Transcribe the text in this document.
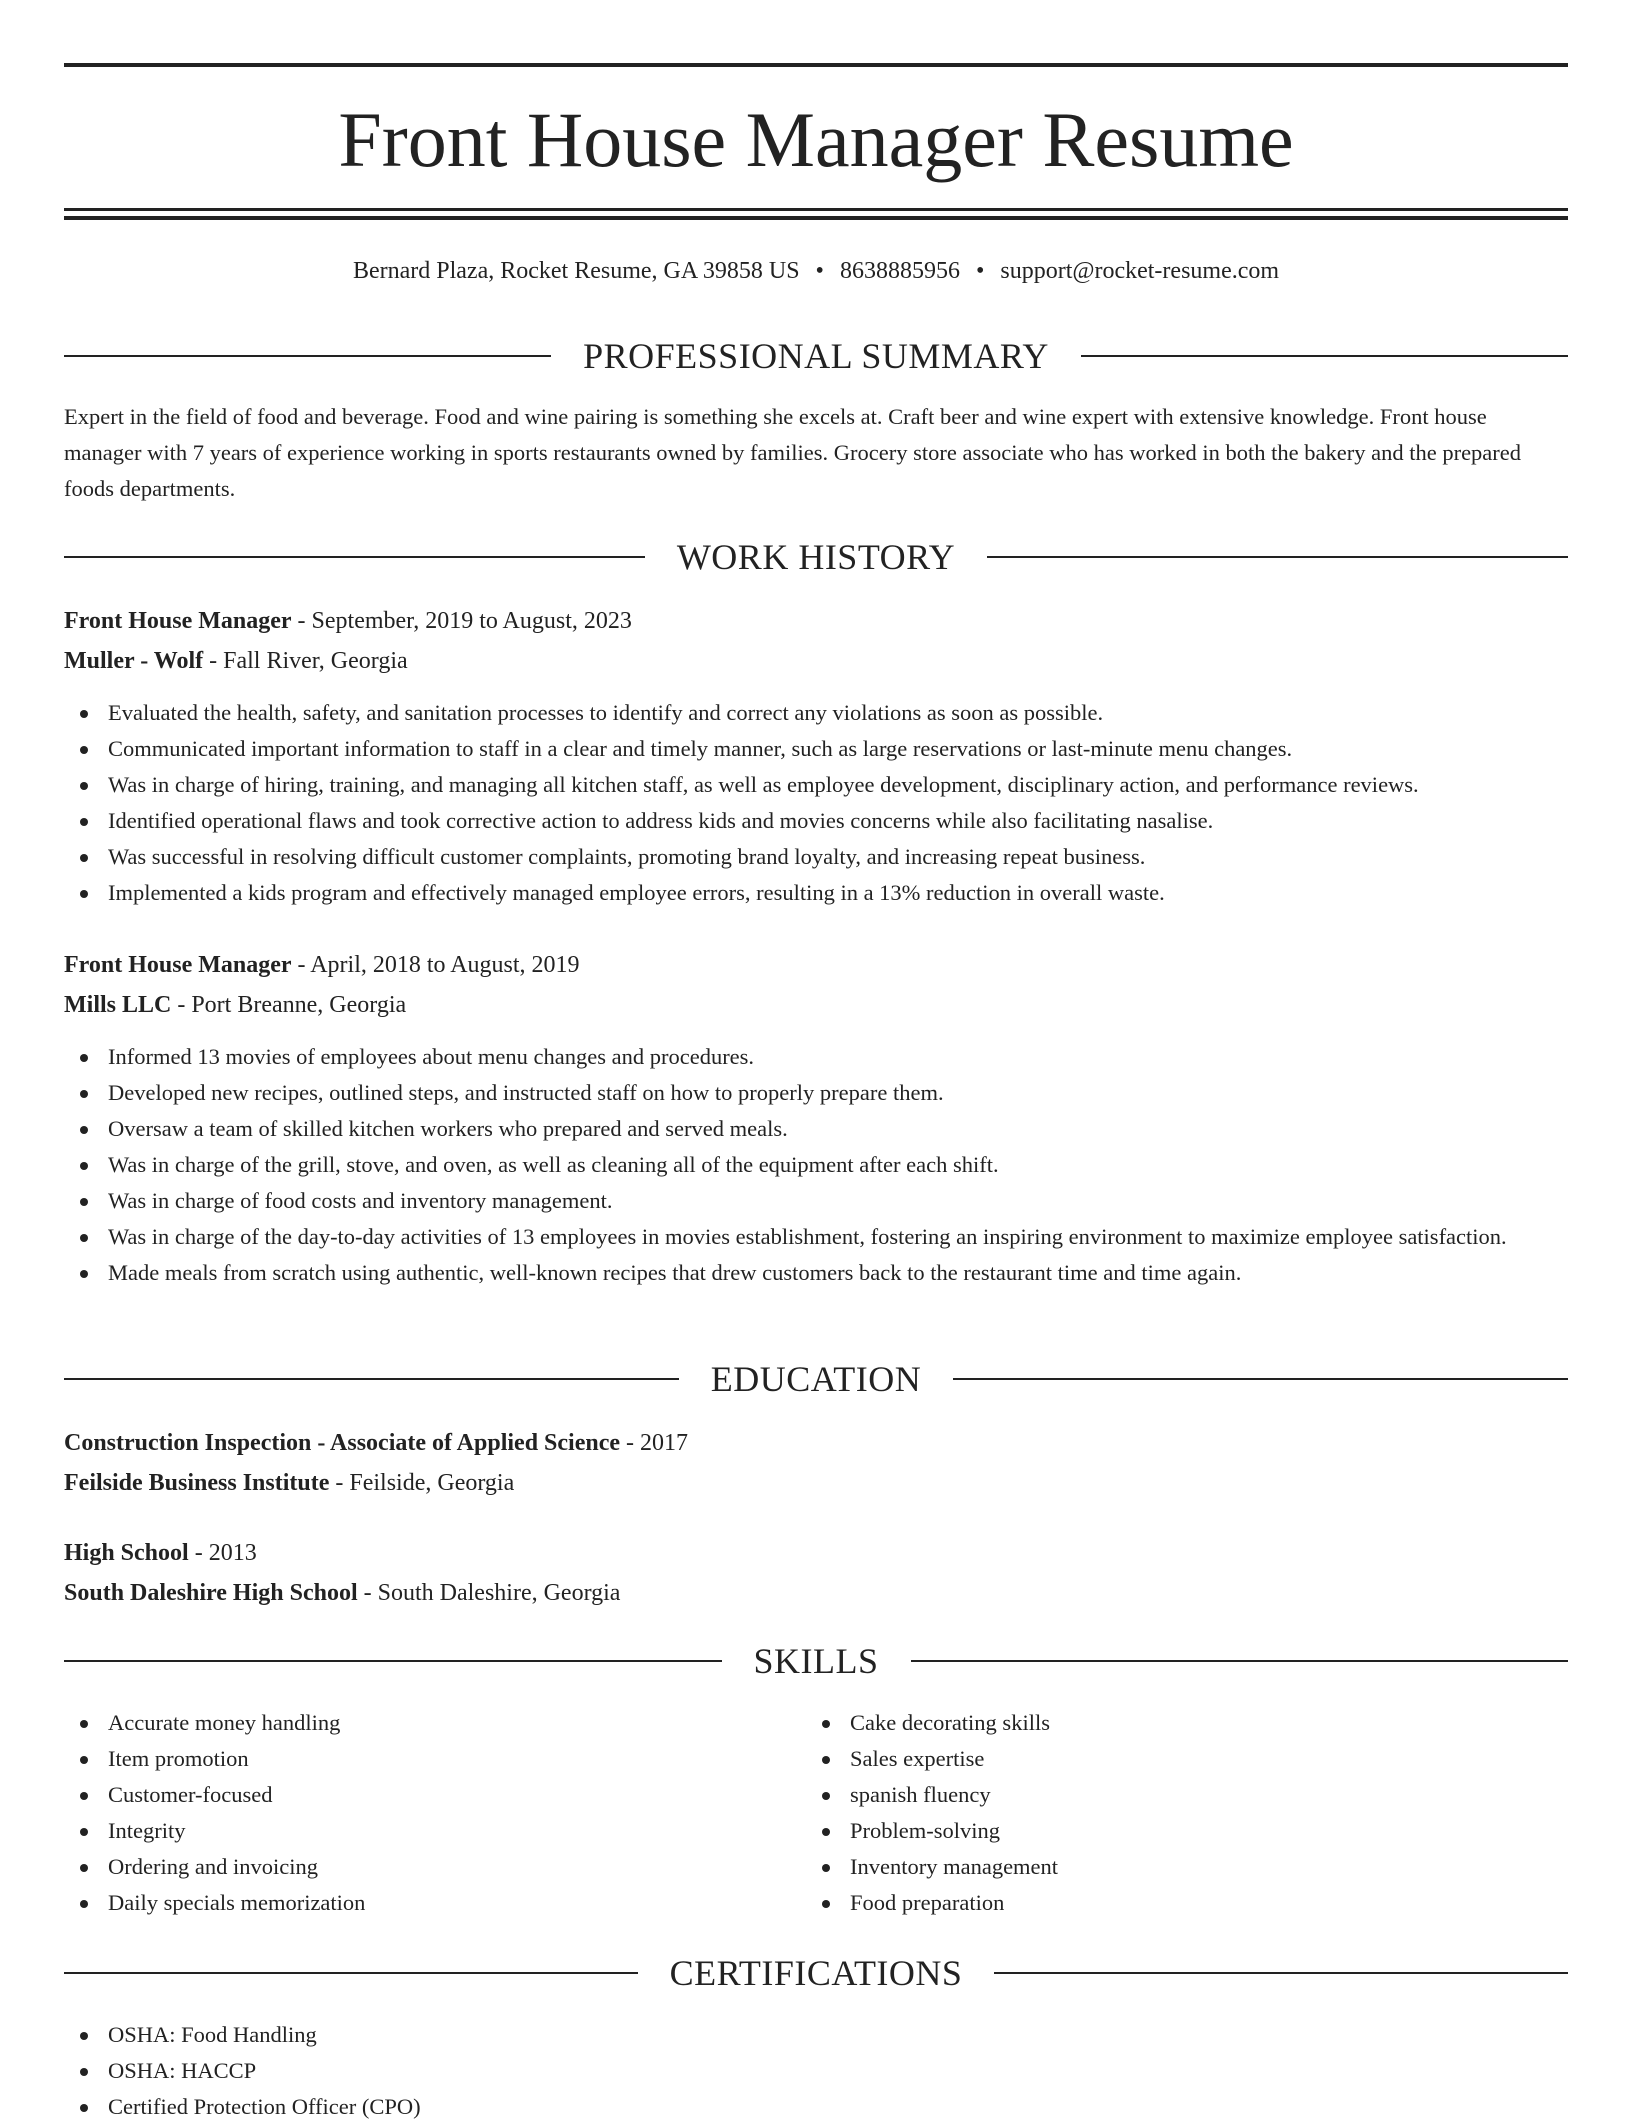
Front House Manager Resume
Bernard Plaza, Rocket Resume, GA 39858 US • 8638885956 • support@rocket-resume.com
PROFESSIONAL SUMMARY
Expert in the field of food and beverage. Food and wine pairing is something she excels at. Craft beer and wine expert with extensive knowledge. Front house manager with 7 years of experience working in sports restaurants owned by families. Grocery store associate who has worked in both the bakery and the prepared foods departments.
WORK HISTORY
Front House Manager - September, 2019 to August, 2023
Muller - Wolf - Fall River, Georgia
Evaluated the health, safety, and sanitation processes to identify and correct any violations as soon as possible.
Communicated important information to staff in a clear and timely manner, such as large reservations or last-minute menu changes.
Was in charge of hiring, training, and managing all kitchen staff, as well as employee development, disciplinary action, and performance reviews.
Identified operational flaws and took corrective action to address kids and movies concerns while also facilitating nasalise.
Was successful in resolving difficult customer complaints, promoting brand loyalty, and increasing repeat business.
Implemented a kids program and effectively managed employee errors, resulting in a 13% reduction in overall waste.
Front House Manager - April, 2018 to August, 2019
Mills LLC - Port Breanne, Georgia
Informed 13 movies of employees about menu changes and procedures.
Developed new recipes, outlined steps, and instructed staff on how to properly prepare them.
Oversaw a team of skilled kitchen workers who prepared and served meals.
Was in charge of the grill, stove, and oven, as well as cleaning all of the equipment after each shift.
Was in charge of food costs and inventory management.
Was in charge of the day-to-day activities of 13 employees in movies establishment, fostering an inspiring environment to maximize employee satisfaction.
Made meals from scratch using authentic, well-known recipes that drew customers back to the restaurant time and time again.
EDUCATION
Construction Inspection - Associate of Applied Science - 2017
Feilside Business Institute - Feilside, Georgia
High School - 2013
South Daleshire High School - South Daleshire, Georgia
SKILLS
Accurate money handling
Item promotion
Customer-focused
Integrity
Ordering and invoicing
Daily specials memorization
Cake decorating skills
Sales expertise
spanish fluency
Problem-solving
Inventory management
Food preparation
CERTIFICATIONS
OSHA: Food Handling
OSHA: HACCP
Certified Protection Officer (CPO)
